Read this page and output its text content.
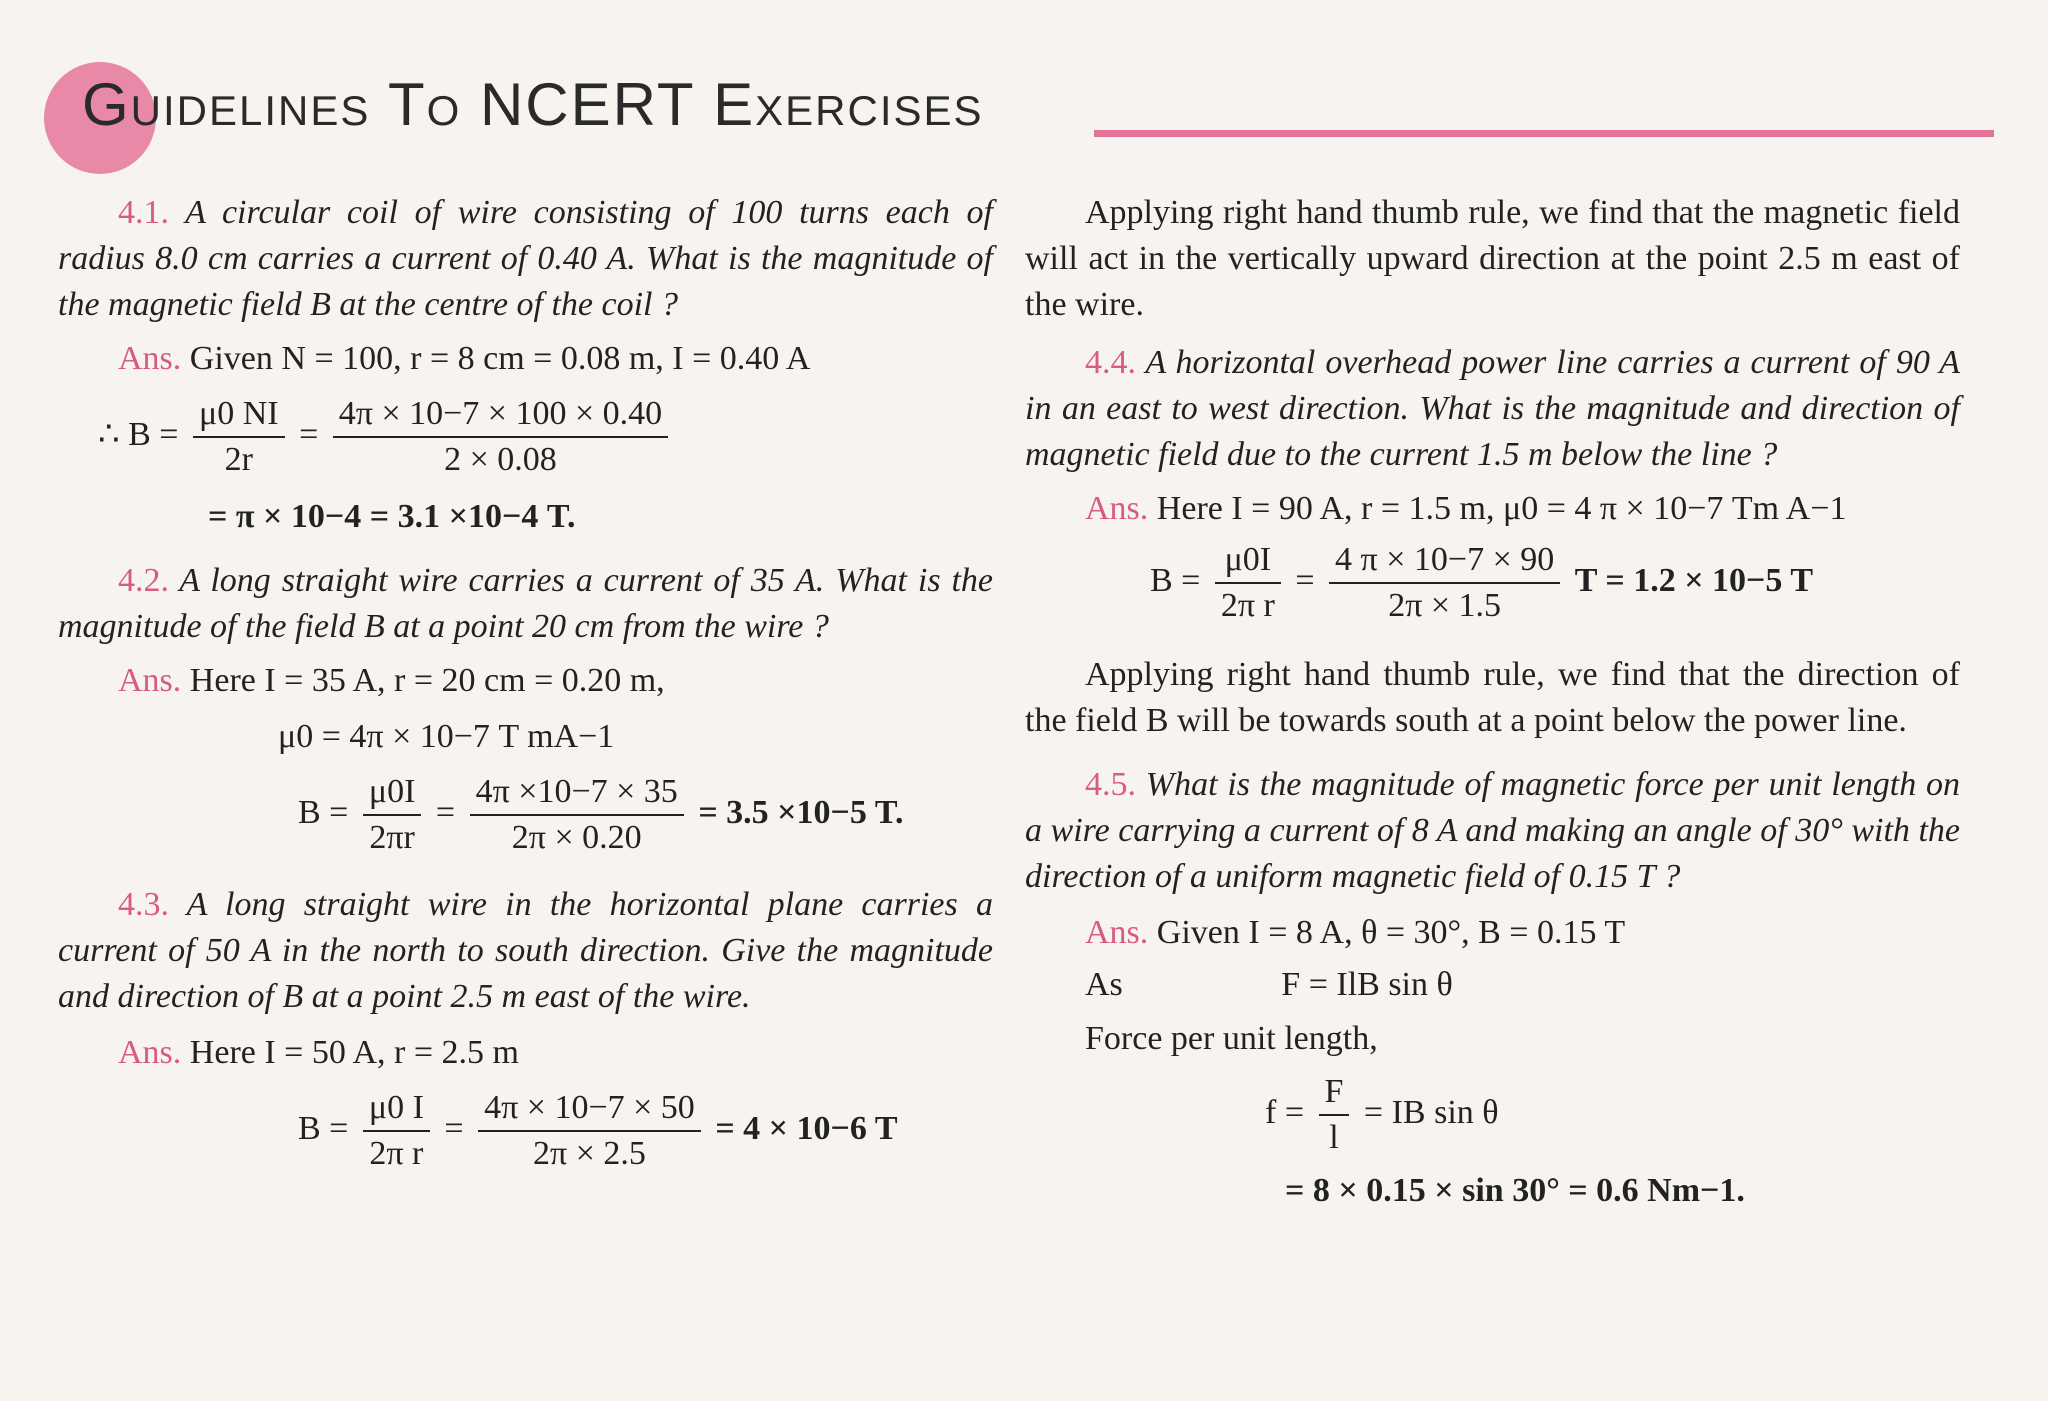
Guidelines To NCERT Exercises

4.1. A circular coil of wire consisting of 100 turns each of radius 8.0 cm carries a current of 0.40 A. What is the magnitude of the magnetic field B at the centre of the coil ?

Ans. Given N = 100, r = 8 cm = 0.08 m, I = 0.40 A

∴ $B = \frac{\mu 0 NI}{2r} = \frac{4\pi \times 10-7 \times 100 \times 0.40}{2 \times 0.08}$
= π × 10−4 = 3.1 ×10−4 T.

4.2. A long straight wire carries a current of 35 A. What is the magnitude of the field B at a point 20 cm from the wire ?

Ans. Here I = 35 A, r = 20 cm = 0.20 m,

μ0 = 4π × 10−7 T mA−1
$B = \frac{\mu 0I}{2\pi r} = \frac{4\pi \times 10-7 \times 35}{2\pi \times 0.20} = 3.5 \times 10-5$ T.

4.3. A long straight wire in the horizontal plane carries a current of 50 A in the north to south direction. Give the magnitude and direction of B at a point 2.5 m east of the wire.

Ans. Here I = 50 A, r = 2.5 m

$B = \frac{\mu 0 I}{\text{2π r}} = \frac{4\pi \times 10-7 \times 50}{2\pi \times 2.5} = 4 \times 10-6$ T

Applying right hand thumb rule, we find that the magnetic field will act in the vertically upward direction at the point 2.5 m east of the wire.

4.4. A horizontal overhead power line carries a current of 90 A in an east to west direction. What is the magnitude and direction of magnetic field due to the current 1.5 m below the line ?

Ans. Here I = 90 A, r = 1.5 m, μ0 = 4 π × 10−7 Tm A−1

$B = \frac{\mu 0I}{\text{2π r}} = \frac{4 \pi \times 10-7 \times 90}{2\pi \times 1.5}$ T = 1.2 × 10−5 T

Applying right hand thumb rule, we find that the direction of the field B will be towards south at a point below the power line.

4.5. What is the magnitude of magnetic force per unit length on a wire carrying a current of 8 A and making an angle of 30° with the direction of a uniform magnetic field of 0.15 T ?

Ans. Given I = 8 A, θ = 30°, B = 0.15 T

As	F = IlB sin θ

Force per unit length,

$f = \frac{F}{l}$ = IB sin θ
= 8 × 0.15 × sin 30° = 0.6 Nm−1.
